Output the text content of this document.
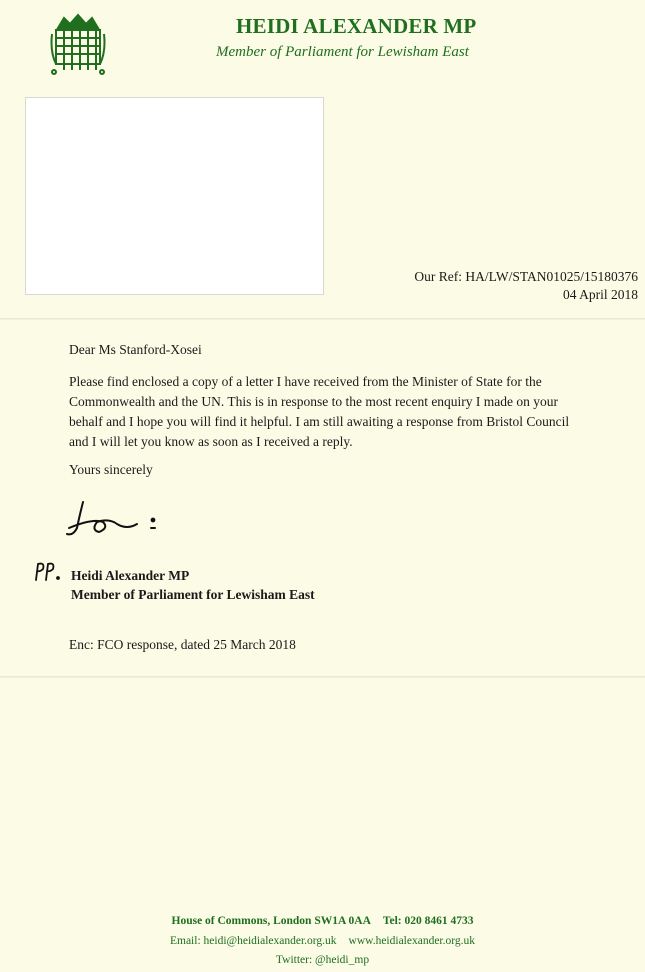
HEIDI ALEXANDER MP
Member of Parliament for Lewisham East
Our Ref: HA/LW/STAN01025/15180376
04 April 2018
Dear Ms Stanford-Xosei
Please find enclosed a copy of a letter I have received from the Minister of State for the
Commonwealth and the UN. This is in response to the most recent enquiry I made on your
behalf and I hope you will find it helpful. I am still awaiting a response from Bristol Council
and I will let you know as soon as I received a reply.
Yours sincerely
Heidi Alexander MP
Member of Parliament for Lewisham East
Enc: FCO response, dated 25 March 2018
House of Commons, London SW1A 0AA Tel: 020 8461 4733
Email: heidi@heidialexander.org.uk www.heidialexander.org.uk
Twitter: @heidi_mp
